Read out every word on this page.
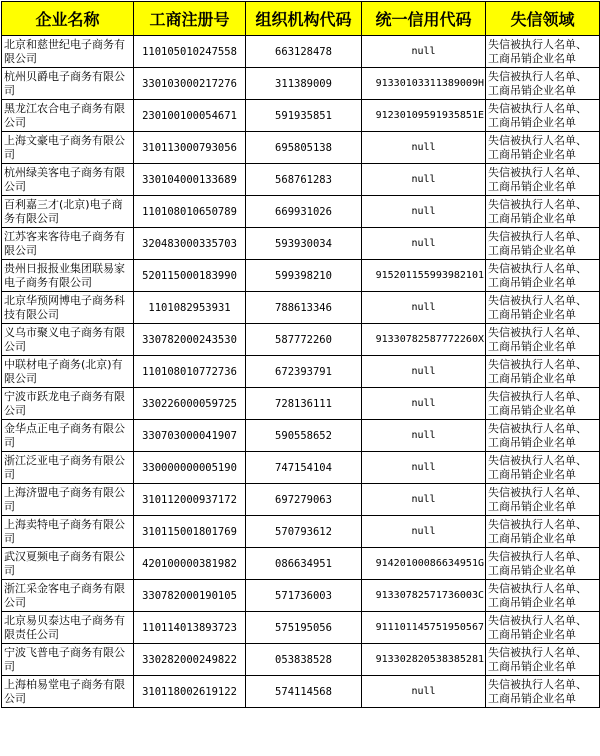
企业名称	工商注册号	组织机构代码	统一信用代码	失信领域
北京和慈世纪电子商务有限公司	110105010247558	663128478	null	失信被执行人名单、工商吊销企业名单
杭州贝爵电子商务有限公司	330103000217276	311389009	91330103311389009H	失信被执行人名单、工商吊销企业名单
黑龙江农合电子商务有限公司	230100100054671	591935851	912301095919358​51E	失信被执行人名单、工商吊销企业名单
上海文豪电子商务有限公司	310113000793056	695805138	null	失信被执行人名单、工商吊销企业名单
杭州绿美客电子商务有限公司	330104000133689	568761283	null	失信被执行人名单、工商吊销企业名单
百利嘉三才(北京)电子商务有限公司	110108010650789	669931026	null	失信被执行人名单、工商吊销企业名单
江苏客来客待电子商务有限公司	320483000335703	593930034	null	失信被执行人名单、工商吊销企业名单
贵州日报报业集团联易家电子商务有限公司	520115000183990	599398210	915201155993982101	失信被执行人名单、工商吊销企业名单
北京华预网博电子商务科技有限公司	1101082953931	788613346	null	失信被执行人名单、工商吊销企业名单
义乌市聚义电子商务有限公司	330782000243530	587772260	91330782587772260X	失信被执行人名单、工商吊销企业名单
中联材电子商务(北京)有限公司	110108010772736	672393791	null	失信被执行人名单、工商吊销企业名单
宁波市跃龙电子商务有限公司	330226000059725	728136111	null	失信被执行人名单、工商吊销企业名单
金华点正电子商务有限公司	330703000041907	590558652	null	失信被执行人名单、工商吊销企业名单
浙江泛亚电子商务有限公司	330000000005190	747154104	null	失信被执行人名单、工商吊销企业名单
上海济盟电子商务有限公司	310112000937172	697279063	null	失信被执行人名单、工商吊销企业名单
上海卖特电子商务有限公司	310115001801769	570793612	null	失信被执行人名单、工商吊销企业名单
武汉夏频电子商务有限公司	420100000381982	086634951	91420100086634951G	失信被执行人名单、工商吊销企业名单
浙江采金客电子商务有限公司	330782000190105	571736003	91330782571736003C	失信被执行人名单、工商吊销企业名单
北京易贝泰达电子商务有限责任公司	110114013893723	575195056	911101145751950567	失信被执行人名单、工商吊销企业名单
宁波飞普电子商务有限公司	330282000249822	053838528	913302820538385281	失信被执行人名单、工商吊销企业名单
上海柏易堂电子商务有限公司	310118002619122	574114568	null	失信被执行人名单、工商吊销企业名单
